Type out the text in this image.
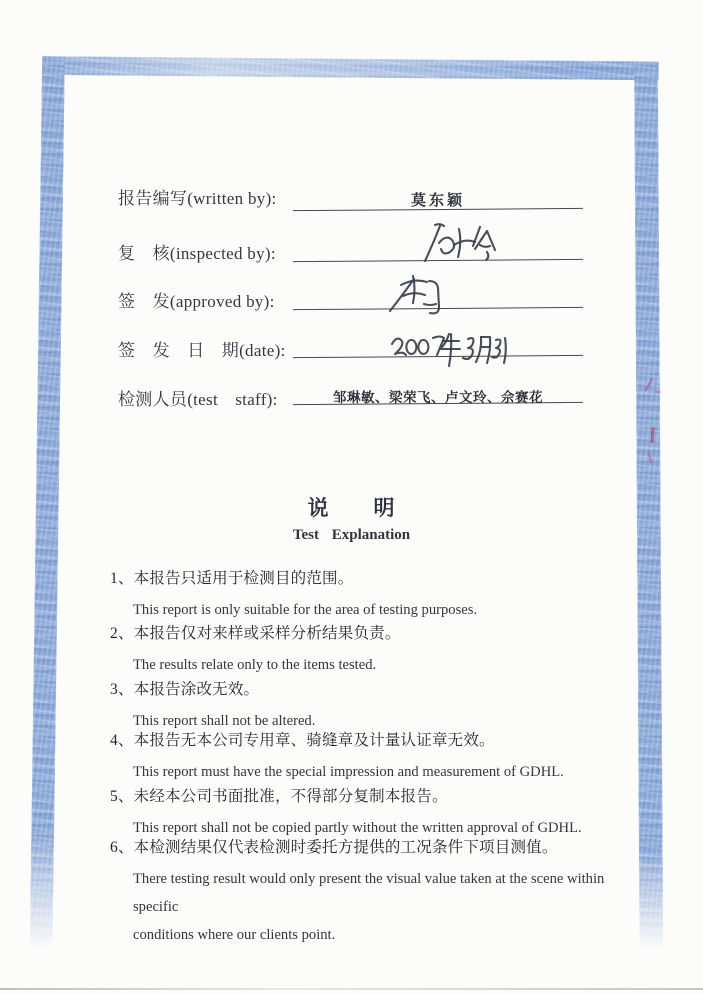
报告编写(written by):
复　核(inspected by):
签　发(approved by):
签　发　日　期(date):
检测人员(test　staff):
莫东颖
邹琳敏、梁荣飞、卢文玲、佘赛花
说　　明
Test Explanation
1、本报告只适用于检测目的范围。
This report is only suitable for the area of testing purposes.
2、本报告仅对来样或采样分析结果负责。
The results relate only to the items tested.
3、本报告涂改无效。
This report shall not be altered.
4、本报告无本公司专用章、骑缝章及计量认证章无效。
This report must have the special impression and measurement of GDHL.
5、未经本公司书面批准，不得部分复制本报告。
This report shall not be copied partly without the written approval of GDHL.
6、本检测结果仅代表检测时委托方提供的工况条件下项目测值。
There testing result would only present the visual value taken at the scene within specific
conditions where our clients point.
